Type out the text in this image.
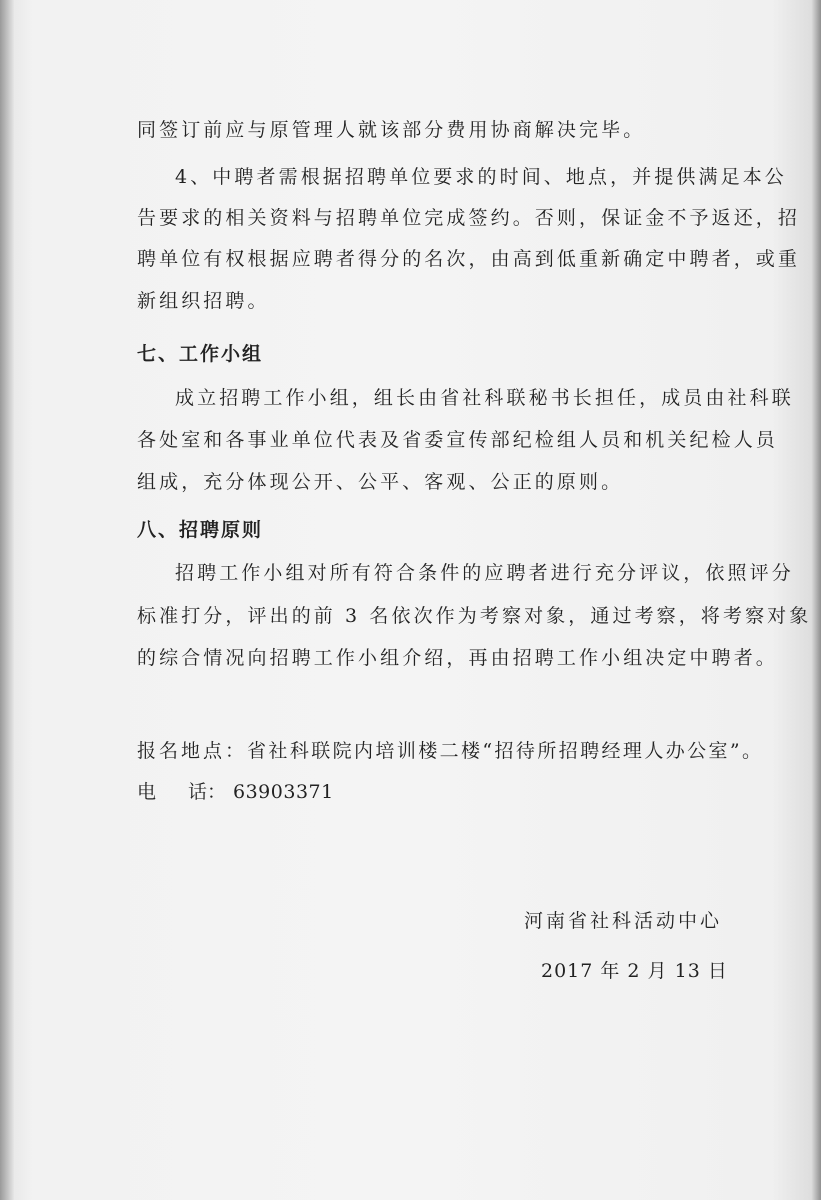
同签订前应与原管理人就该部分费用协商解决完毕。
4、中聘者需根据招聘单位要求的时间、地点，并提供满足本公
告要求的相关资料与招聘单位完成签约。否则，保证金不予返还，招
聘单位有权根据应聘者得分的名次，由高到低重新确定中聘者，或重
新组织招聘。
七、工作小组
成立招聘工作小组，组长由省社科联秘书长担任，成员由社科联
各处室和各事业单位代表及省委宣传部纪检组人员和机关纪检人员
组成，充分体现公开、公平、客观、公正的原则。
八、招聘原则
招聘工作小组对所有符合条件的应聘者进行充分评议，依照评分
标准打分，评出的前 3 名依次作为考察对象，通过考察，将考察对象
的综合情况向招聘工作小组介绍，再由招聘工作小组决定中聘者。
报名地点：省社科联院内培训楼二楼“招待所招聘经理人办公室”。
电 话： 63903371
河南省社科活动中心
2017 年 2 月 13 日
